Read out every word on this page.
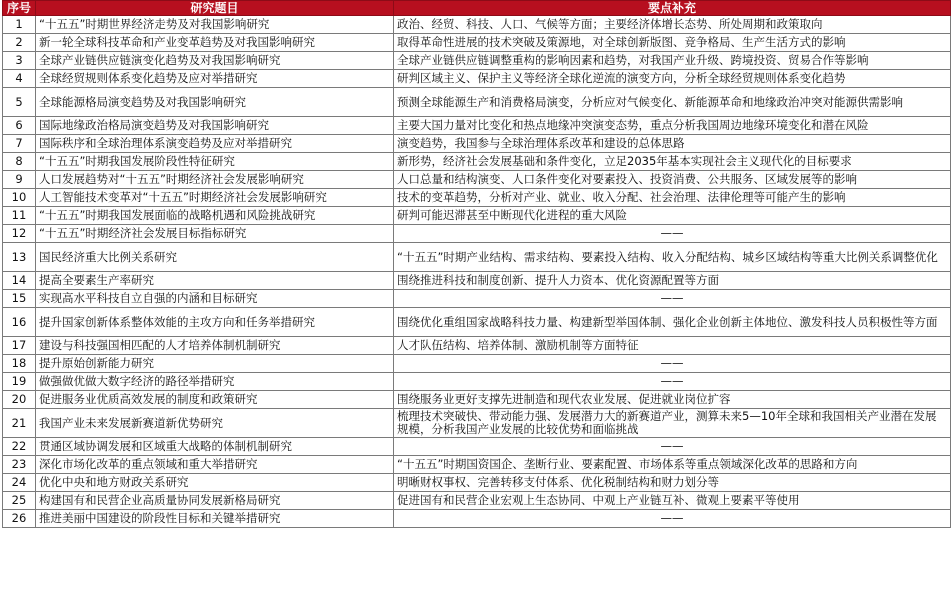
序号	研究题目	要点补充
1	“十五五”时期世界经济走势及对我国影响研究	政治、经贸、科技、人口、气候等方面；主要经济体增长态势、所处周期和政策取向
2	新一轮全球科技革命和产业变革趋势及对我国影响研究	取得革命性进展的技术突破及策源地，对全球创新版图、竞争格局、生产生活方式的影响
3	全球产业链供应链演变化趋势及对我国影响研究	全球产业链供应链调整重构的影响因素和趋势，对我国产业升级、跨境投资、贸易合作等影响
4	全球经贸规则体系变化趋势及应对举措研究	研判区域主义、保护主义等经济全球化逆流的演变方向，分析全球经贸规则体系变化趋势
5	全球能源格局演变趋势及对我国影响研究	预测全球能源生产和消费格局演变，分析应对气候变化、新能源革命和地缘政治冲突对能源供需影响
6	国际地缘政治格局演变趋势及对我国影响研究	主要大国力量对比变化和热点地缘冲突演变态势，重点分析我国周边地缘环境变化和潜在风险
7	国际秩序和全球治理体系演变趋势及应对举措研究	演变趋势，我国参与全球治理体系改革和建设的总体思路
8	“十五五”时期我国发展阶段性特征研究	新形势，经济社会发展基础和条件变化，立足2035年基本实现社会主义现代化的目标要求
9	人口发展趋势对“十五五”时期经济社会发展影响研究	人口总量和结构演变、人口条件变化对要素投入、投资消费、公共服务、区域发展等的影响
10	人工智能技术变革对“十五五”时期经济社会发展影响研究	技术的变革趋势，分析对产业、就业、收入分配、社会治理、法律伦理等可能产生的影响
11	“十五五”时期我国发展面临的战略机遇和风险挑战研究	研判可能迟滞甚至中断现代化进程的重大风险
12	“十五五”时期经济社会发展目标指标研究	——
13	国民经济重大比例关系研究	“十五五”时期产业结构、需求结构、要素投入结构、收入分配结构、城乡区域结构等重大比例关系调整优化
14	提高全要素生产率研究	围绕推进科技和制度创新、提升人力资本、优化资源配置等方面
15	实现高水平科技自立自强的内涵和目标研究	——
16	提升国家创新体系整体效能的主攻方向和任务举措研究	围绕优化重组国家战略科技力量、构建新型举国体制、强化企业创新主体地位、激发科技人员积极性等方面
17	建设与科技强国相匹配的人才培养体制机制研究	人才队伍结构、培养体制、激励机制等方面特征
18	提升原始创新能力研究	——
19	做强做优做大数字经济的路径举措研究	——
20	促进服务业优质高效发展的制度和政策研究	围绕服务业更好支撑先进制造和现代农业发展、促进就业岗位扩容
21	我国产业未来发展新赛道新优势研究	梳理技术突破快、带动能力强、发展潜力大的新赛道产业，测算未来5—10年全球和我国相关产业潜在发展规模，分析我国产业发展的比较优势和面临挑战
22	贯通区域协调发展和区域重大战略的体制机制研究	——
23	深化市场化改革的重点领域和重大举措研究	“十五五”时期国资国企、垄断行业、要素配置、市场体系等重点领域深化改革的思路和方向
24	优化中央和地方财政关系研究	明晰财权事权、完善转移支付体系、优化税制结构和财力划分等
25	构建国有和民营企业高质量协同发展新格局研究	促进国有和民营企业宏观上生态协同、中观上产业链互补、微观上要素平等使用
26	推进美丽中国建设的阶段性目标和关键举措研究	——
